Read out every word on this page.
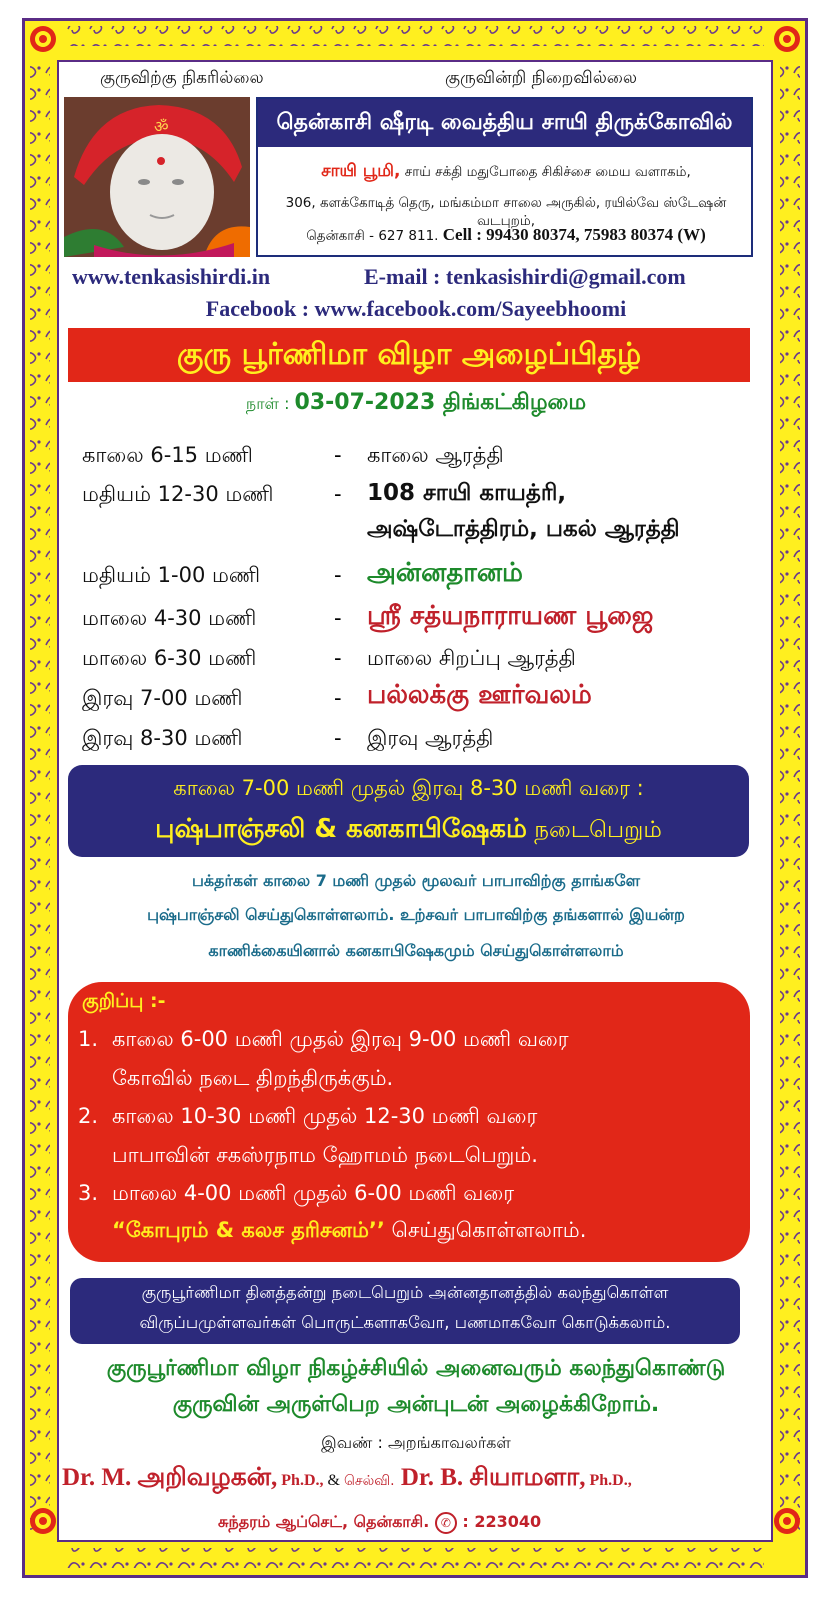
குருவிற்கு நிகரில்லை	குருவின்றி நிறைவில்லை
ॐ	தென்காசி ஷீரடி வைத்திய சாயி திருக்கோவில்
சாயி பூமி, சாய் சக்தி மதுபோதை சிகிச்சை மைய வளாகம்,
306, களக்கோடித் தெரு, மங்கம்மா சாலை அருகில், ரயில்வே ஸ்டேஷன் வடபுறம்,
தென்காசி - 627 811. Cell : 99430 80374, 75983 80374 (W)
www.tenkasishirdi.in	E-mail : tenkasishirdi@gmail.com
Facebook : www.facebook.com/Sayeebhoomi
குரு பூர்ணிமா விழா அழைப்பிதழ்
நாள் : 03-07-2023 திங்கட்கிழமை
காலை 6-15 மணி	- காலை ஆரத்தி
மதியம் 12-30 மணி	- 108 சாயி காயத்ரி,
அஷ்டோத்திரம், பகல் ஆரத்தி
மதியம் 1-00 மணி	- அன்னதானம்
மாலை 4-30 மணி	- ஸ்ரீ சத்யநாராயண பூஜை
மாலை 6-30 மணி	- மாலை சிறப்பு ஆரத்தி
இரவு 7-00 மணி	- பல்லக்கு ஊர்வலம்
இரவு 8-30 மணி	- இரவு ஆரத்தி
காலை 7-00 மணி முதல் இரவு 8-30 மணி வரை :
புஷ்பாஞ்சலி & கனகாபிஷேகம் நடைபெறும்
பக்தர்கள் காலை 7 மணி முதல் மூலவர் பாபாவிற்கு தாங்களே
புஷ்பாஞ்சலி செய்துகொள்ளலாம். உற்சவர் பாபாவிற்கு தங்களால் இயன்ற
காணிக்கையினால் கனகாபிஷேகமும் செய்துகொள்ளலாம்
குறிப்பு :-
1. காலை 6-00 மணி முதல் இரவு 9-00 மணி வரை
கோவில் நடை திறந்திருக்கும்.
2. காலை 10-30 மணி முதல் 12-30 மணி வரை
பாபாவின் சகஸ்ரநாம ஹோமம் நடைபெறும்.
3. மாலை 4-00 மணி முதல் 6-00 மணி வரை
“கோபுரம் & கலச தரிசனம்’’ செய்துகொள்ளலாம்.
குருபூர்ணிமா தினத்தன்று நடைபெறும் அன்னதானத்தில் கலந்துகொள்ள
விருப்பமுள்ளவர்கள் பொருட்களாகவோ, பணமாகவோ கொடுக்கலாம்.
குருபூர்ணிமா விழா நிகழ்ச்சியில் அனைவரும் கலந்துகொண்டு
குருவின் அருள்பெற அன்புடன் அழைக்கிறோம்.
இவண் : அறங்காவலர்கள்
Dr. M. அறிவழகன், Ph.D., & செல்வி. Dr. B. சியாமளா, Ph.D.,
சுந்தரம் ஆப்செட், தென்காசி. ✆ : 223040
